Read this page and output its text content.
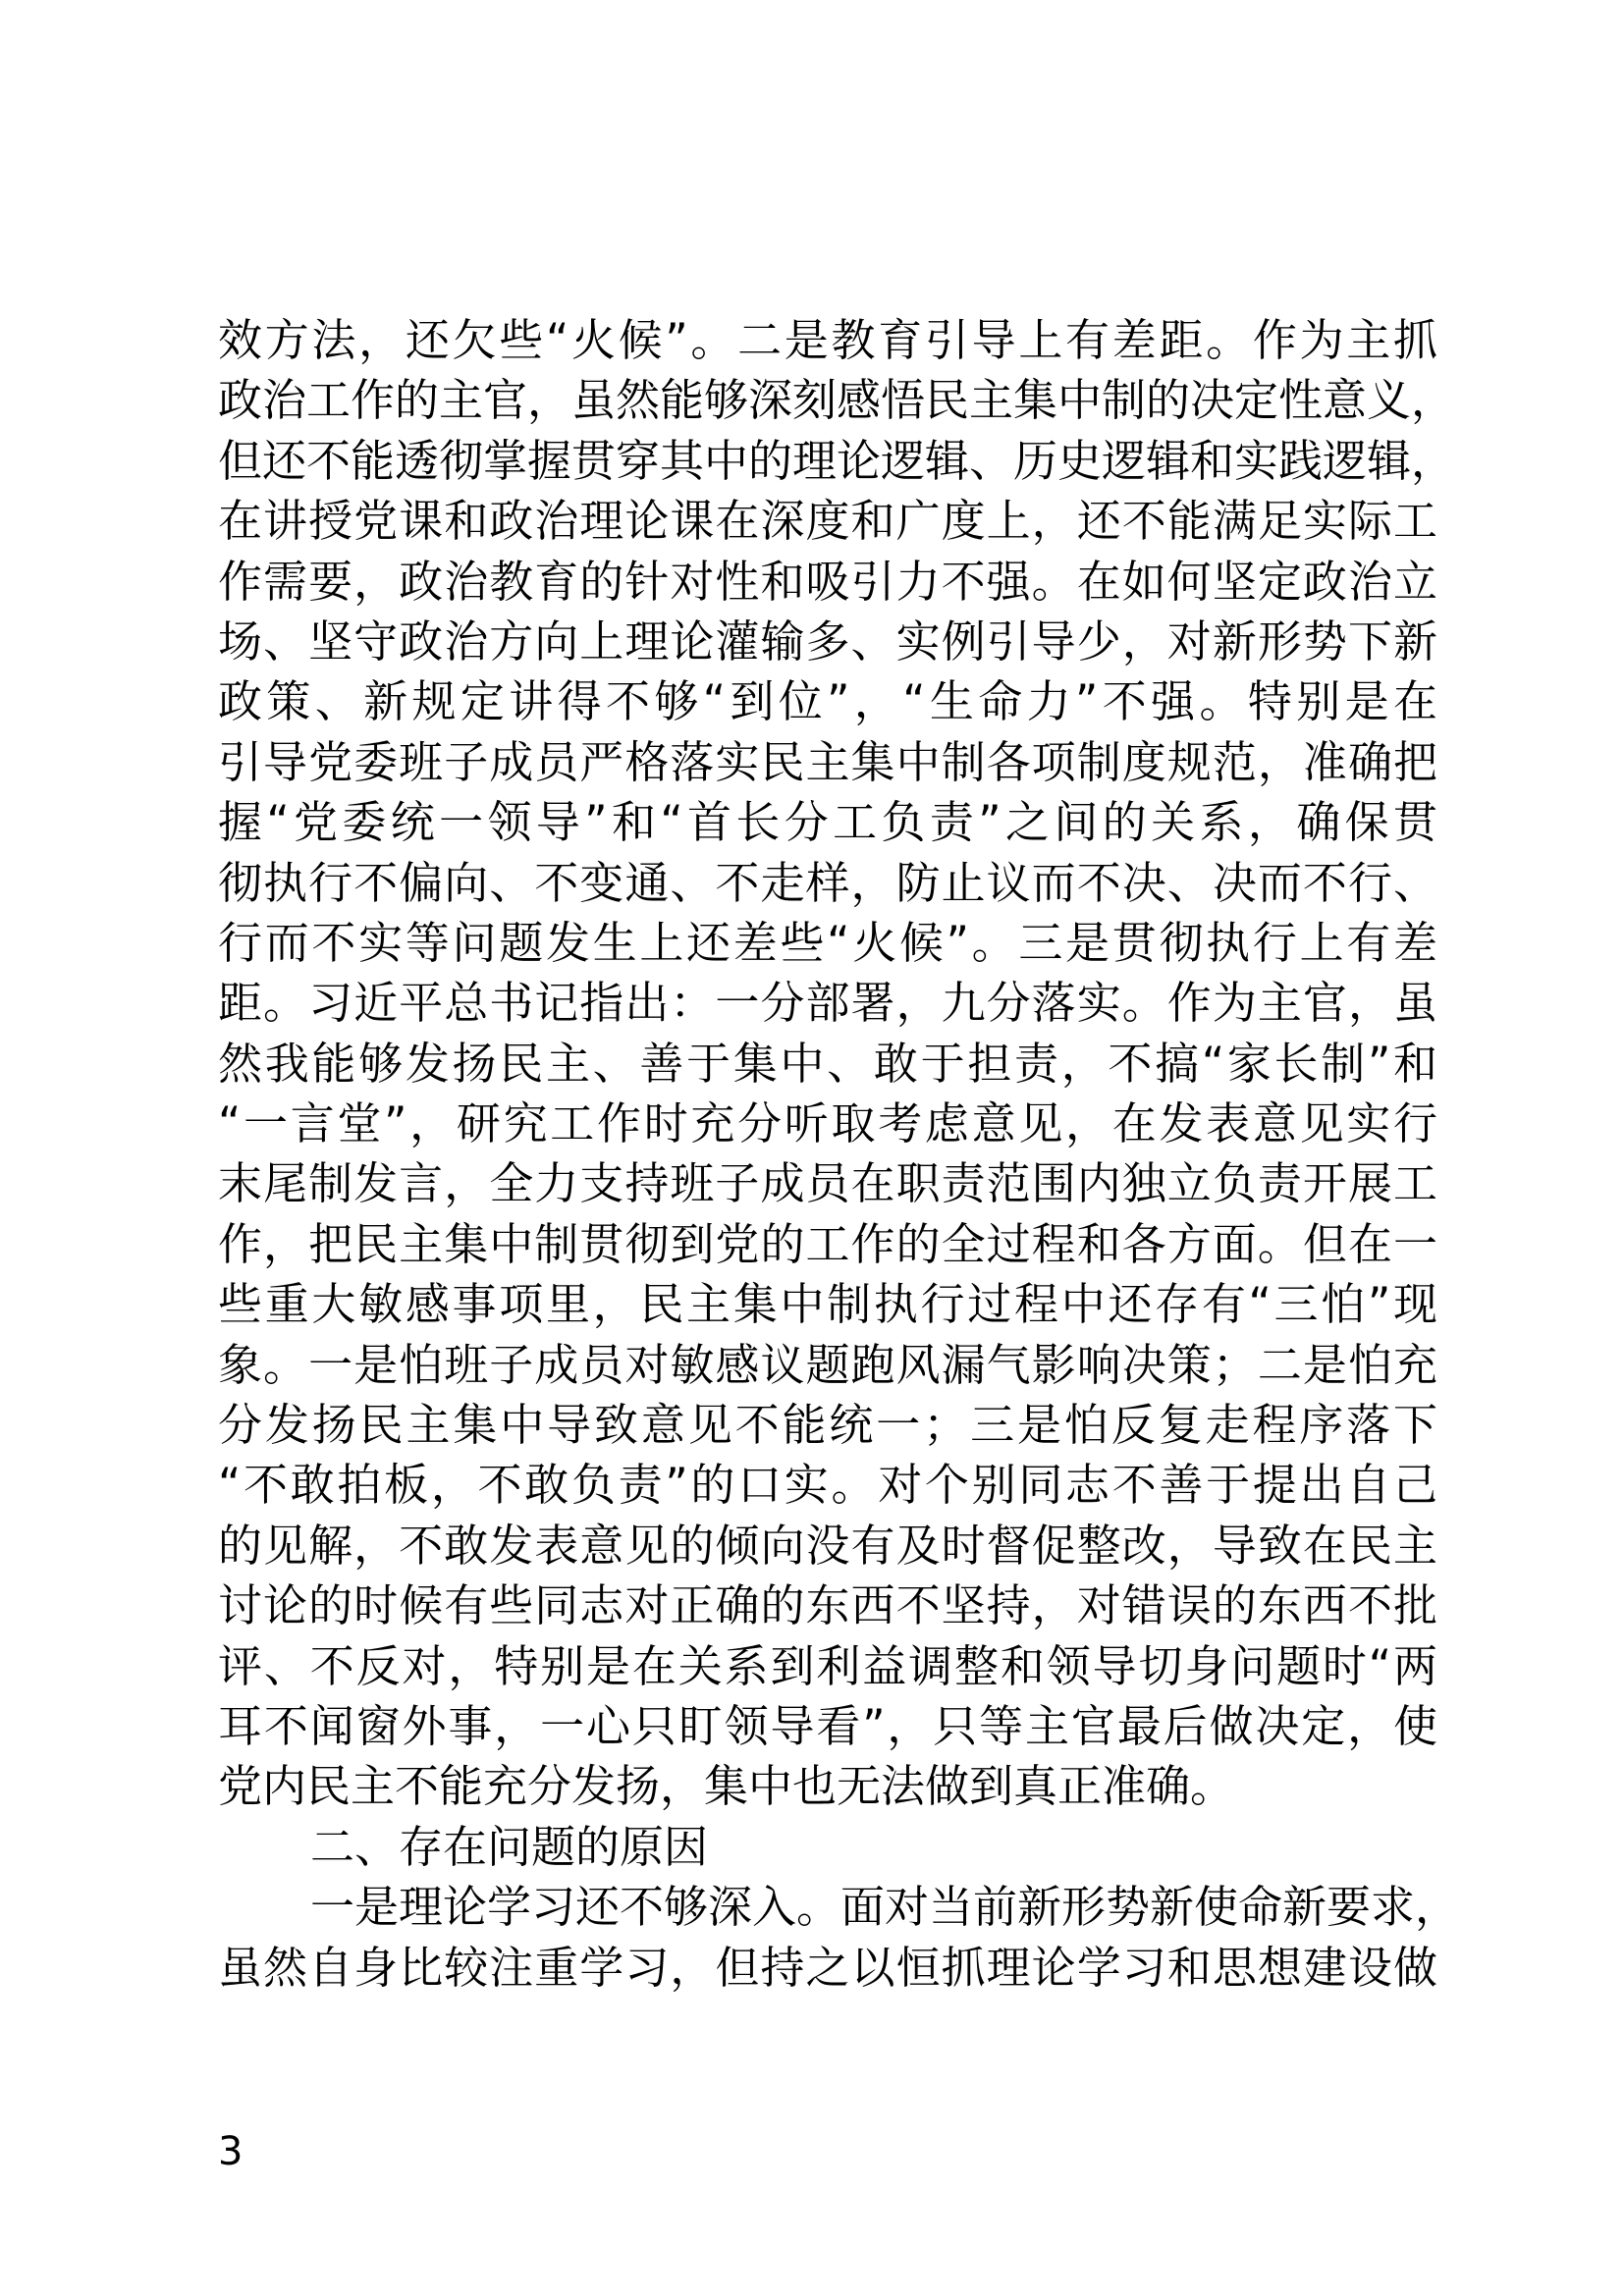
效方法，还欠些“火候”。二是教育引导上有差距。作为主抓
政治工作的主官，虽然能够深刻感悟民主集中制的决定性意义，
但还不能透彻掌握贯穿其中的理论逻辑、历史逻辑和实践逻辑，
在讲授党课和政治理论课在深度和广度上，还不能满足实际工
作需要，政治教育的针对性和吸引力不强。在如何坚定政治立
场、坚守政治方向上理论灌输多、实例引导少，对新形势下新
政策、新规定讲得不够“到位”，“生命力”不强。特别是在
引导党委班子成员严格落实民主集中制各项制度规范，准确把
握“党委统一领导”和“首长分工负责”之间的关系，确保贯
彻执行不偏向、不变通、不走样，防止议而不决、决而不行、
行而不实等问题发生上还差些“火候”。三是贯彻执行上有差
距。习近平总书记指出：一分部署，九分落实。作为主官，虽
然我能够发扬民主、善于集中、敢于担责，不搞“家长制”和
“一言堂”，研究工作时充分听取考虑意见，在发表意见实行
末尾制发言，全力支持班子成员在职责范围内独立负责开展工
作，把民主集中制贯彻到党的工作的全过程和各方面。但在一
些重大敏感事项里，民主集中制执行过程中还存有“三怕”现
象。一是怕班子成员对敏感议题跑风漏气影响决策；二是怕充
分发扬民主集中导致意见不能统一；三是怕反复走程序落下
“不敢拍板，不敢负责”的口实。对个别同志不善于提出自己
的见解，不敢发表意见的倾向没有及时督促整改，导致在民主
讨论的时候有些同志对正确的东西不坚持，对错误的东西不批
评、不反对，特别是在关系到利益调整和领导切身问题时“两
耳不闻窗外事，一心只盯领导看”，只等主官最后做决定，使
党内民主不能充分发扬，集中也无法做到真正准确。
二、存在问题的原因
一是理论学习还不够深入。面对当前新形势新使命新要求，
虽然自身比较注重学习，但持之以恒抓理论学习和思想建设做
3
